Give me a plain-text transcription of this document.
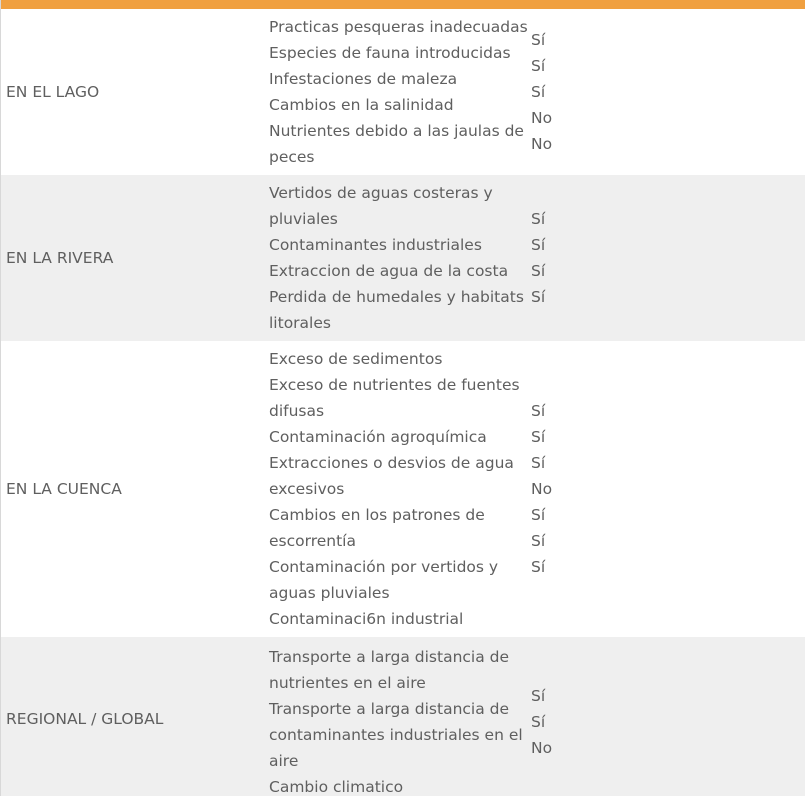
EN EL LAGO
Practicas pesqueras inadecuadas
Especies de fauna introducidas
Infestaciones de maleza
Cambios en la salinidad
Nutrientes debido a las jaulas de peces
Sí
Sí
Sí
No
No
EN LA RIVERA
Vertidos de aguas costeras y pluviales
Contaminantes industriales
Extraccion de agua de la costa
Perdida de humedales y habitats litorales
Sí
Sí
Sí
Sí
EN LA CUENCA
Exceso de sedimentos
Exceso de nutrientes de fuentes difusas
Contaminación agroquímica
Extracciones o desvios de agua excesivos
Cambios en los patrones de escorrentía
Contaminación por vertidos y aguas pluviales
Contaminaci6n industrial
Sí
Sí
Sí
No
Sí
Sí
Sí
REGIONAL / GLOBAL
Transporte a larga distancia de nutrientes en el aire
Transporte a larga distancia de contaminantes industriales en el aire
Cambio climatico
Sí
Sí
No
